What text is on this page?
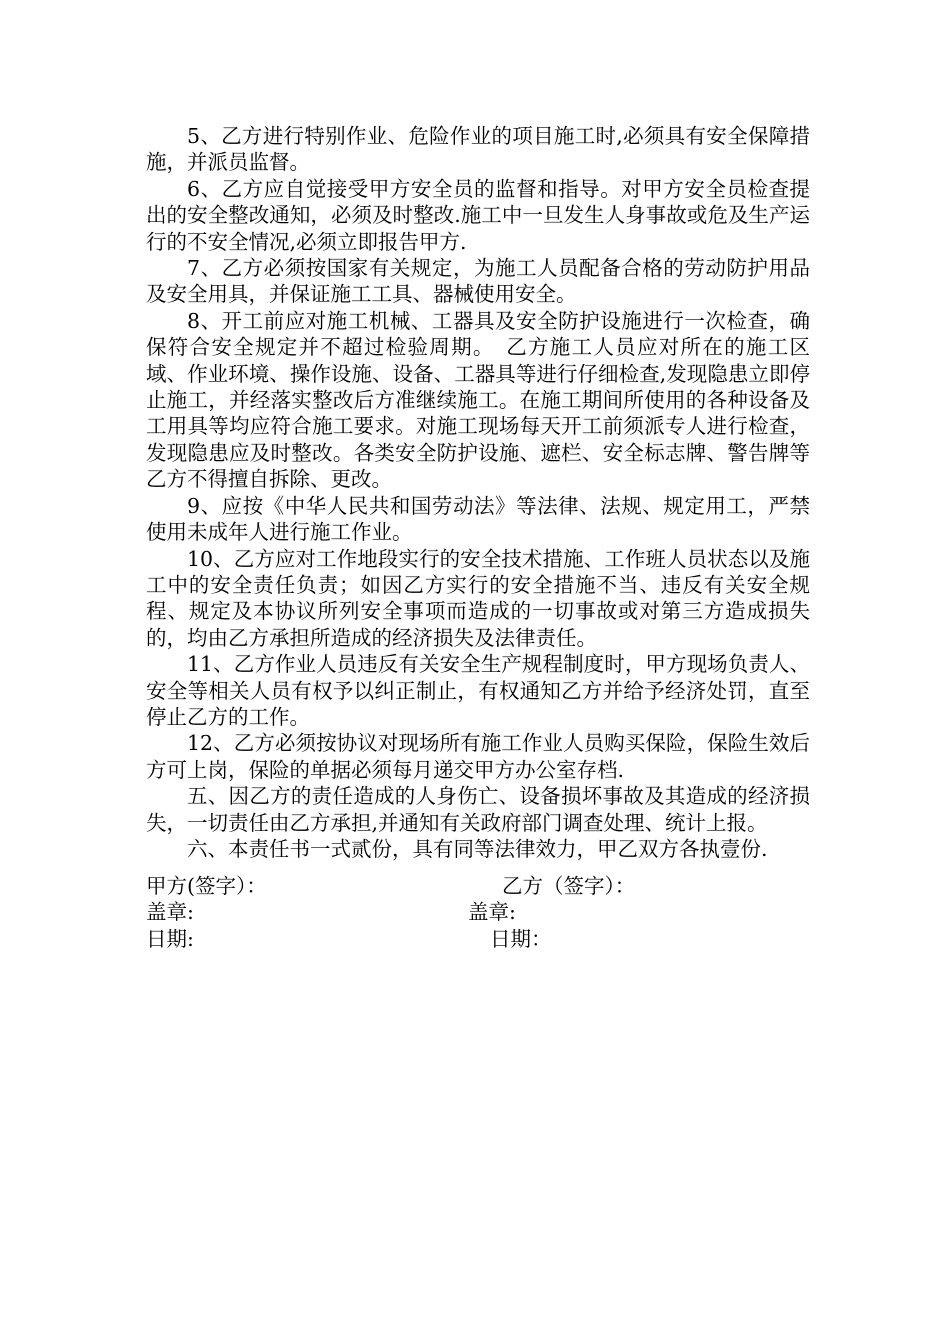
5、乙方进行特别作业、危险作业的项目施工时,必须具有安全保障措施，并派员监督。

6、乙方应自觉接受甲方安全员的监督和指导。对甲方安全员检查提出的安全整改通知，必须及时整改.施工中一旦发生人身事故或危及生产运行的不安全情况,必须立即报告甲方.

7、乙方必须按国家有关规定，为施工人员配备合格的劳动防护用品及安全用具，并保证施工工具、器械使用安全。

8、开工前应对施工机械、工器具及安全防护设施进行一次检查，确保符合安全规定并不超过检验周期。　乙方施工人员应对所在的施工区域、作业环境、操作设施、设备、工器具等进行仔细检查,发现隐患立即停止施工，并经落实整改后方准继续施工。在施工期间所使用的各种设备及工用具等均应符合施工要求。对施工现场每天开工前须派专人进行检查，发现隐患应及时整改。各类安全防护设施、遮栏、安全标志牌、警告牌等乙方不得擅自拆除、更改。

9、应按《中华人民共和国劳动法》等法律、法规、规定用工，严禁使用未成年人进行施工作业。

10、乙方应对工作地段实行的安全技术措施、工作班人员状态以及施工中的安全责任负责；如因乙方实行的安全措施不当、违反有关安全规程、规定及本协议所列安全事项而造成的一切事故或对第三方造成损失的，均由乙方承担所造成的经济损失及法律责任。

11、乙方作业人员违反有关安全生产规程制度时，甲方现场负责人、安全等相关人员有权予以纠正制止，有权通知乙方并给予经济处罚，直至停止乙方的工作。

12、乙方必须按协议对现场所有施工作业人员购买保险，保险生效后方可上岗，保险的单据必须每月递交甲方办公室存档.

五、因乙方的责任造成的人身伤亡、设备损坏事故及其造成的经济损失，一切责任由乙方承担,并通知有关政府部门调查处理、统计上报。

六、本责任书一式贰份，具有同等法律效力，甲乙双方各执壹份.

甲方(签字）：	乙方（签字）：
盖章:	盖章:
日期:	日期：
